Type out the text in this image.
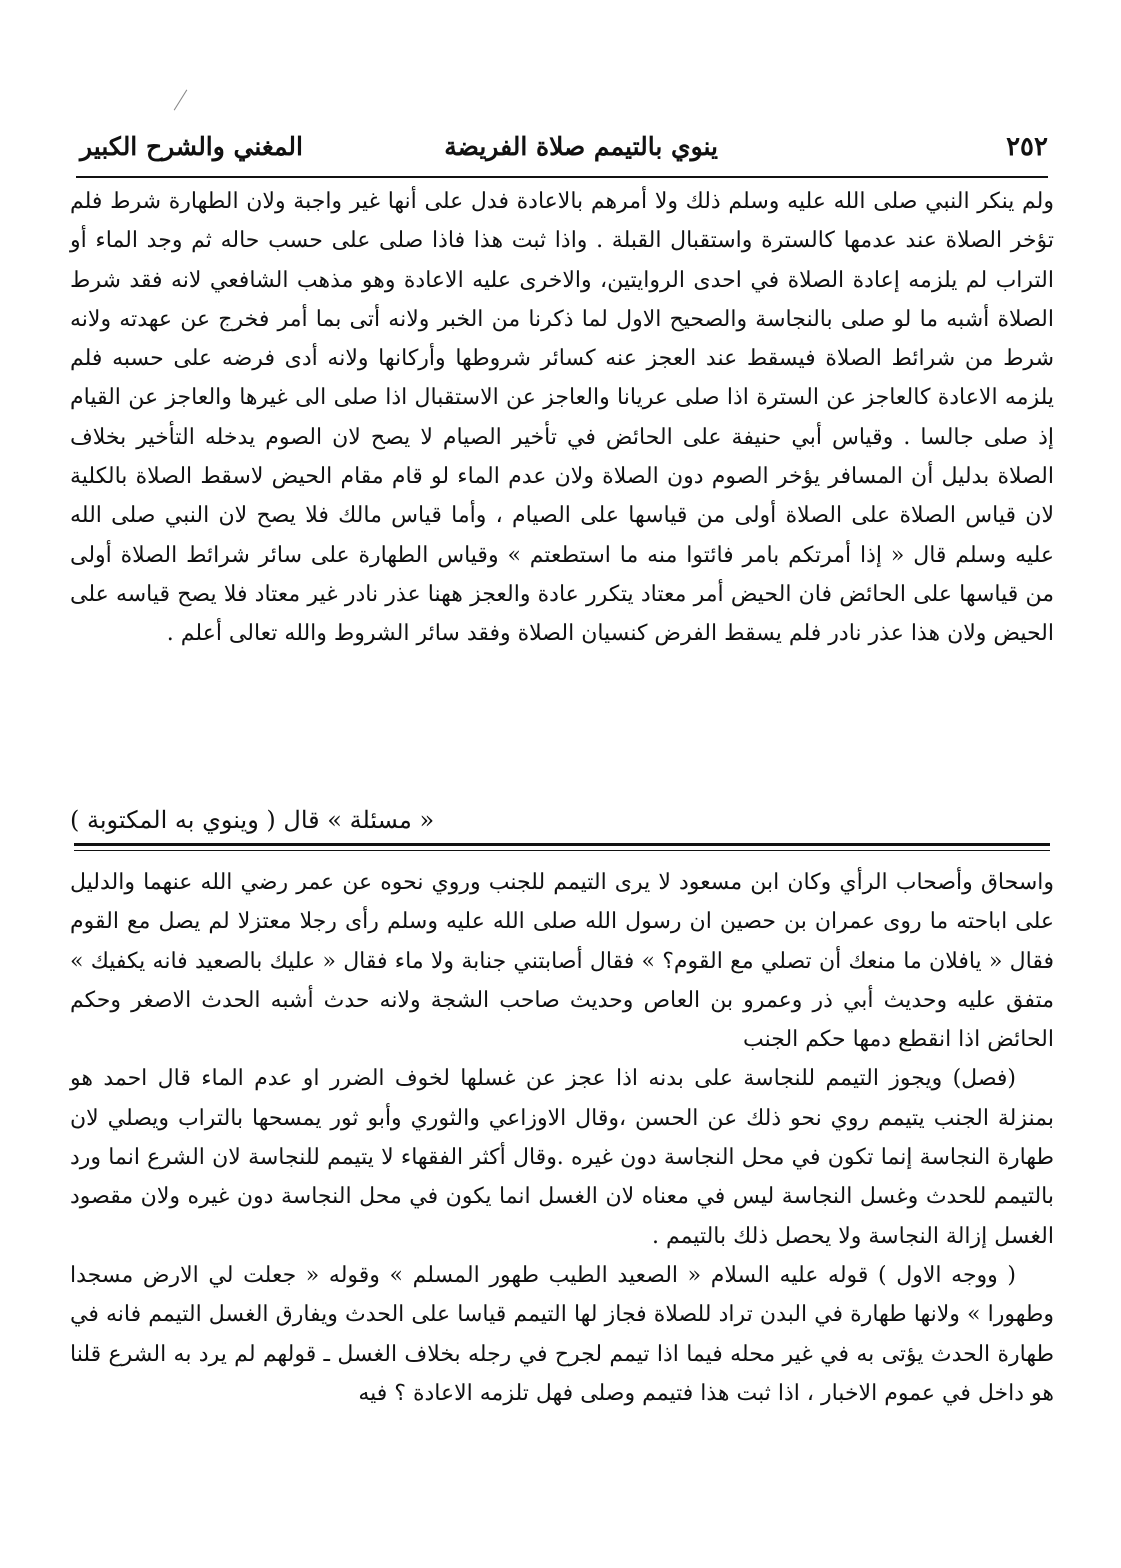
٢٥٢
ينوي بالتيمم صلاة الفريضة
المغني والشرح الكبير

ولم ينكر النبي صلى الله عليه وسلم ذلك ولا أمرهم بالاعادة فدل على أنها غير واجبة ولان الطهارة شرط فلم تؤخر الصلاة عند عدمها كالسترة واستقبال القبلة . واذا ثبت هذا فاذا صلى على حسب حاله ثم وجد الماء أو التراب لم يلزمه إعادة الصلاة في احدى الروايتين، والاخرى عليه الاعادة وهو مذهب الشافعي لانه فقد شرط الصلاة أشبه ما لو صلى بالنجاسة والصحيح الاول لما ذكرنا من الخبر ولانه أتى بما أمر فخرج عن عهدته ولانه شرط من شرائط الصلاة فيسقط عند العجز عنه كسائر شروطها وأركانها ولانه أدى فرضه على حسبه فلم يلزمه الاعادة كالعاجز عن السترة اذا صلى عريانا والعاجز عن الاستقبال اذا صلى الى غيرها والعاجز عن القيام إذ صلى جالسا . وقياس أبي حنيفة على الحائض في تأخير الصيام لا يصح لان الصوم يدخله التأخير بخلاف الصلاة بدليل أن المسافر يؤخر الصوم دون الصلاة ولان عدم الماء لو قام مقام الحيض لاسقط الصلاة بالكلية لان قياس الصلاة على الصلاة أولى من قياسها على الصيام ، وأما قياس مالك فلا يصح لان النبي صلى الله عليه وسلم قال « إذا أمرتكم بامر فائتوا منه ما استطعتم » وقياس الطهارة على سائر شرائط الصلاة أولى من قياسها على الحائض فان الحيض أمر معتاد يتكرر عادة والعجز ههنا عذر نادر غير معتاد فلا يصح قياسه على الحيض ولان هذا عذر نادر فلم يسقط الفرض كنسيان الصلاة وفقد سائر الشروط والله تعالى أعلم .

« مسئلة » قال ( وينوي به المكتوبة )

واسحاق وأصحاب الرأي وكان ابن مسعود لا يرى التيمم للجنب وروي نحوه عن عمر رضي الله عنهما والدليل على اباحته ما روى عمران بن حصين ان رسول الله صلى الله عليه وسلم رأى رجلا معتزلا لم يصل مع القوم فقال « يافلان ما منعك أن تصلي مع القوم؟ » فقال أصابتني جنابة ولا ماء فقال « عليك بالصعيد فانه يكفيك » متفق عليه وحديث أبي ذر وعمرو بن العاص وحديث صاحب الشجة ولانه حدث أشبه الحدث الاصغر وحكم الحائض اذا انقطع دمها حكم الجنب

(فصل) ويجوز التيمم للنجاسة على بدنه اذا عجز عن غسلها لخوف الضرر او عدم الماء قال احمد هو بمنزلة الجنب يتيمم روي نحو ذلك عن الحسن ،وقال الاوزاعي والثوري وأبو ثور يمسحها بالتراب ويصلي لان طهارة النجاسة إنما تكون في محل النجاسة دون غيره .وقال أكثر الفقهاء لا يتيمم للنجاسة لان الشرع انما ورد بالتيمم للحدث وغسل النجاسة ليس في معناه لان الغسل انما يكون في محل النجاسة دون غيره ولان مقصود الغسل إزالة النجاسة ولا يحصل ذلك بالتيمم .

( ووجه الاول ) قوله عليه السلام « الصعيد الطيب طهور المسلم » وقوله « جعلت لي الارض مسجدا وطهورا » ولانها طهارة في البدن تراد للصلاة فجاز لها التيمم قياسا على الحدث ويفارق الغسل التيمم فانه في طهارة الحدث يؤتى به في غير محله فيما اذا تيمم لجرح في رجله بخلاف الغسل ـ قولهم لم يرد به الشرع قلنا هو داخل في عموم الاخبار ، اذا ثبت هذا فتيمم وصلى فهل تلزمه الاعادة ؟ فيه
